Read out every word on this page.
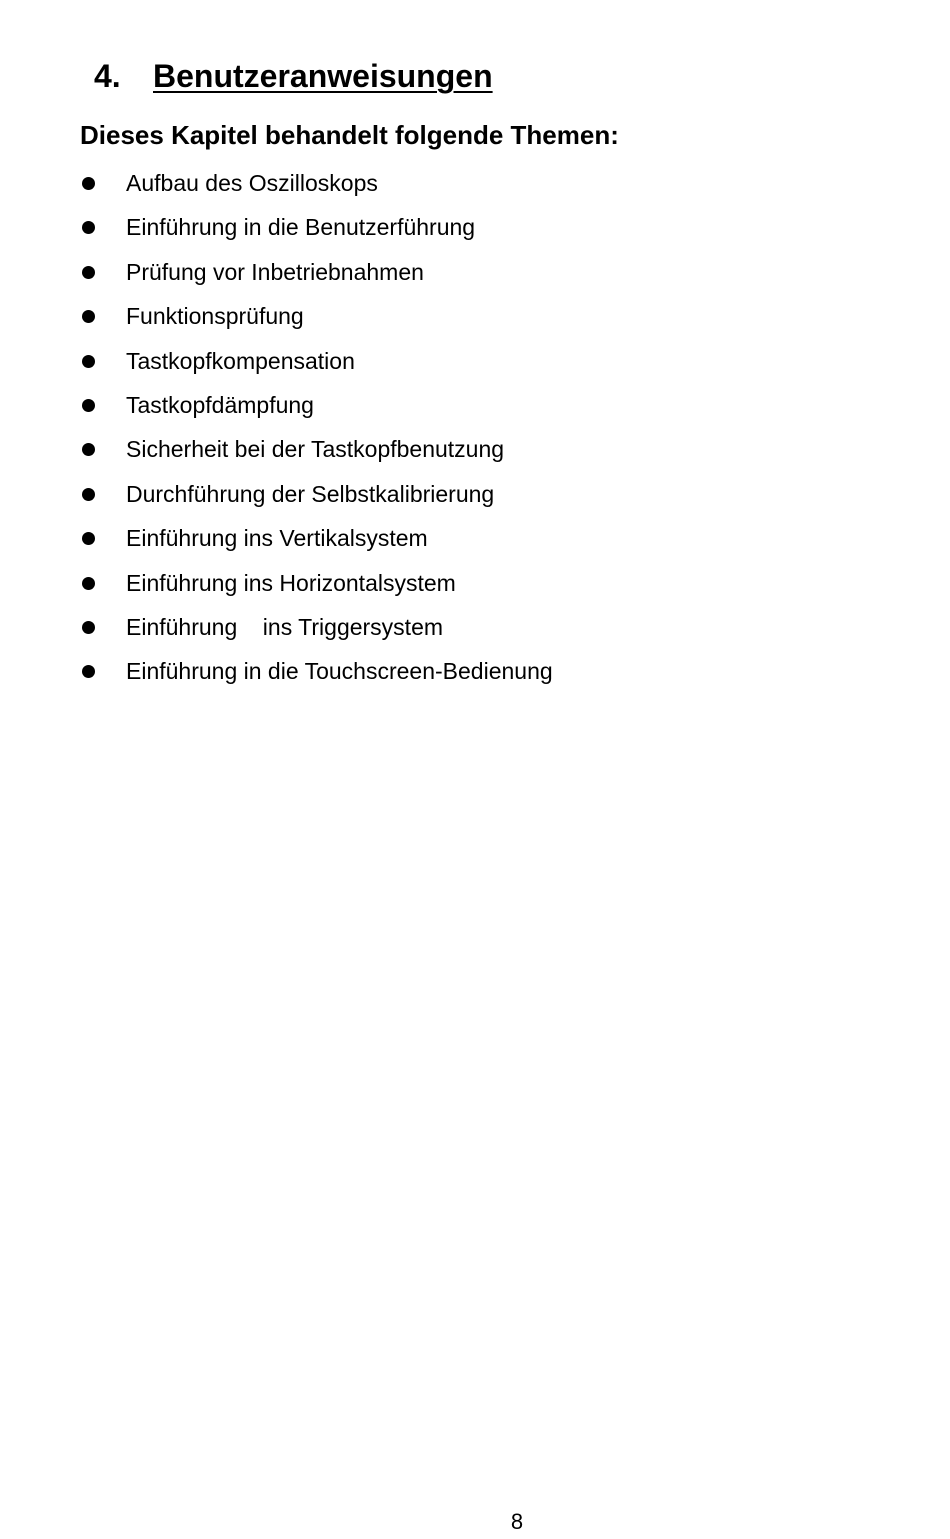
4. Benutzeranweisungen

Dieses Kapitel behandelt folgende Themen:

Aufbau des Oszilloskops
Einführung in die Benutzerführung
Prüfung vor Inbetriebnahmen
Funktionsprüfung
Tastkopfkompensation
Tastkopfdämpfung
Sicherheit bei der Tastkopfbenutzung
Durchführung der Selbstkalibrierung
Einführung ins Vertikalsystem
Einführung ins Horizontalsystem
Einführung    ins Triggersystem
Einführung in die Touchscreen-Bedienung
8
